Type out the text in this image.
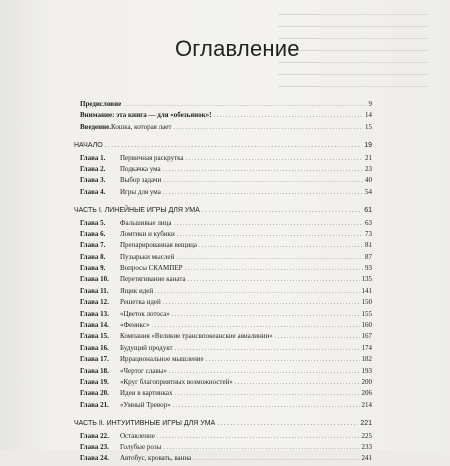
Оглавление
Предисловие . . .	9
Внимание: эта книга — для «обезьянок»! . . .	14
Введение. Кошка, которая лает . . .	15
НАЧАЛО . . .	19
Глава 1.	Первичная раскрутка . . .	21
Глава 2.	Подкачка ума . . .	23
Глава 3.	Выбор задачи . . .	40
Глава 4.	Игры для ума . . .	54
ЧАСТЬ I. ЛИНЕЙНЫЕ ИГРЫ ДЛЯ УМА . . .	61
Глава 5.	Фальшивые лица . . .	63
Глава 6.	Ломтики и кубики . . .	73
Глава 7.	Препарированная вещица . . .	81
Глава 8.	Пузырьки мыслей . . .	87
Глава 9.	Вопросы СКАМПЕР . . .	93
Глава 10.	Перетягивание каната . . .	135
Глава 11.	Ящик идей . . .	141
Глава 12.	Решетка идей . . .	150
Глава 13.	«Цветок лотоса» . . .	155
Глава 14.	«Феникс» . . .	160
Глава 15.	Компания «Великие трансвпокеанские авиалинии» . . .	167
Глава 16.	Будущий продукт . . .	174
Глава 17.	Иррациональное мышление . . .	182
Глава 18.	«Чертог славы» . . .	193
Глава 19.	«Круг благоприятных возможностей» . . .	200
Глава 20.	Идеи в картинках . . .	206
Глава 21.	«Умный Тревор» . . .	214
ЧАСТЬ II. ИНТУИТИВНЫЕ ИГРЫ ДЛЯ УМА . . .	221
Глава 22.	Оставление . . .	225
Глава 23.	Голубые розы . . .	233
Глава 24.	Автобус, кровать, ванна . . .	241
